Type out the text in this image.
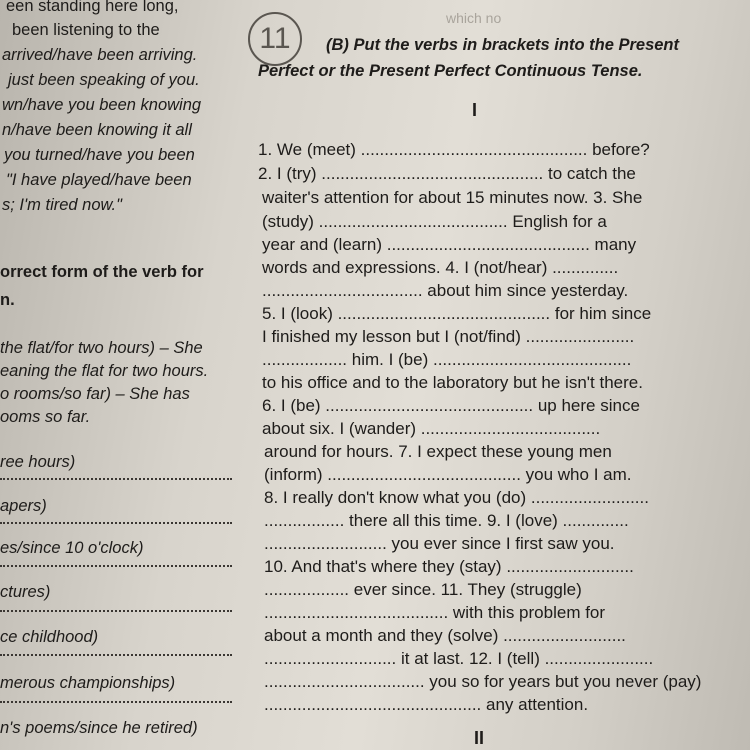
een standing here long,
been listening to the
arrived/have been arriving.
just been speaking of you.
wn/have you been knowing
n/have been knowing it all
you turned/have you been
"I have played/have been
s; I'm tired now."
orrect form of the verb for
n.
the flat/for two hours) – She
eaning the flat for two hours.
o rooms/so far) – She has
ooms so far.
ree hours)
apers)
es/since 10 o'clock)
ctures)
ce childhood)
merous championships)
n's poems/since he retired)
11
which no
(B) Put the verbs in brackets into the Present
Perfect or the Present Perfect Continuous Tense.
I
1. We (meet) ................................................ before?
2. I (try) ............................................... to catch the
waiter's attention for about 15 minutes now. 3. She
(study) ........................................ English for a
year and (learn) ........................................... many
words and expressions. 4. I (not/hear) ..............
.................................. about him since yesterday.
5. I (look) ............................................. for him since
I finished my lesson but I (not/find) .......................
.................. him. I (be) ..........................................
to his office and to the laboratory but he isn't there.
6. I (be) ............................................ up here since
about six. I (wander) ......................................
around for hours. 7. I expect these young men
(inform) ......................................... you who I am.
8. I really don't know what you (do) .........................
................. there all this time. 9. I (love) ..............
.......................... you ever since I first saw you.
10. And that's where they (stay) ...........................
.................. ever since. 11. They (struggle)
....................................... with this problem for
about a month and they (solve) ..........................
............................ it at last. 12. I (tell) .......................
.................................. you so for years but you never (pay)
.............................................. any attention.
II
